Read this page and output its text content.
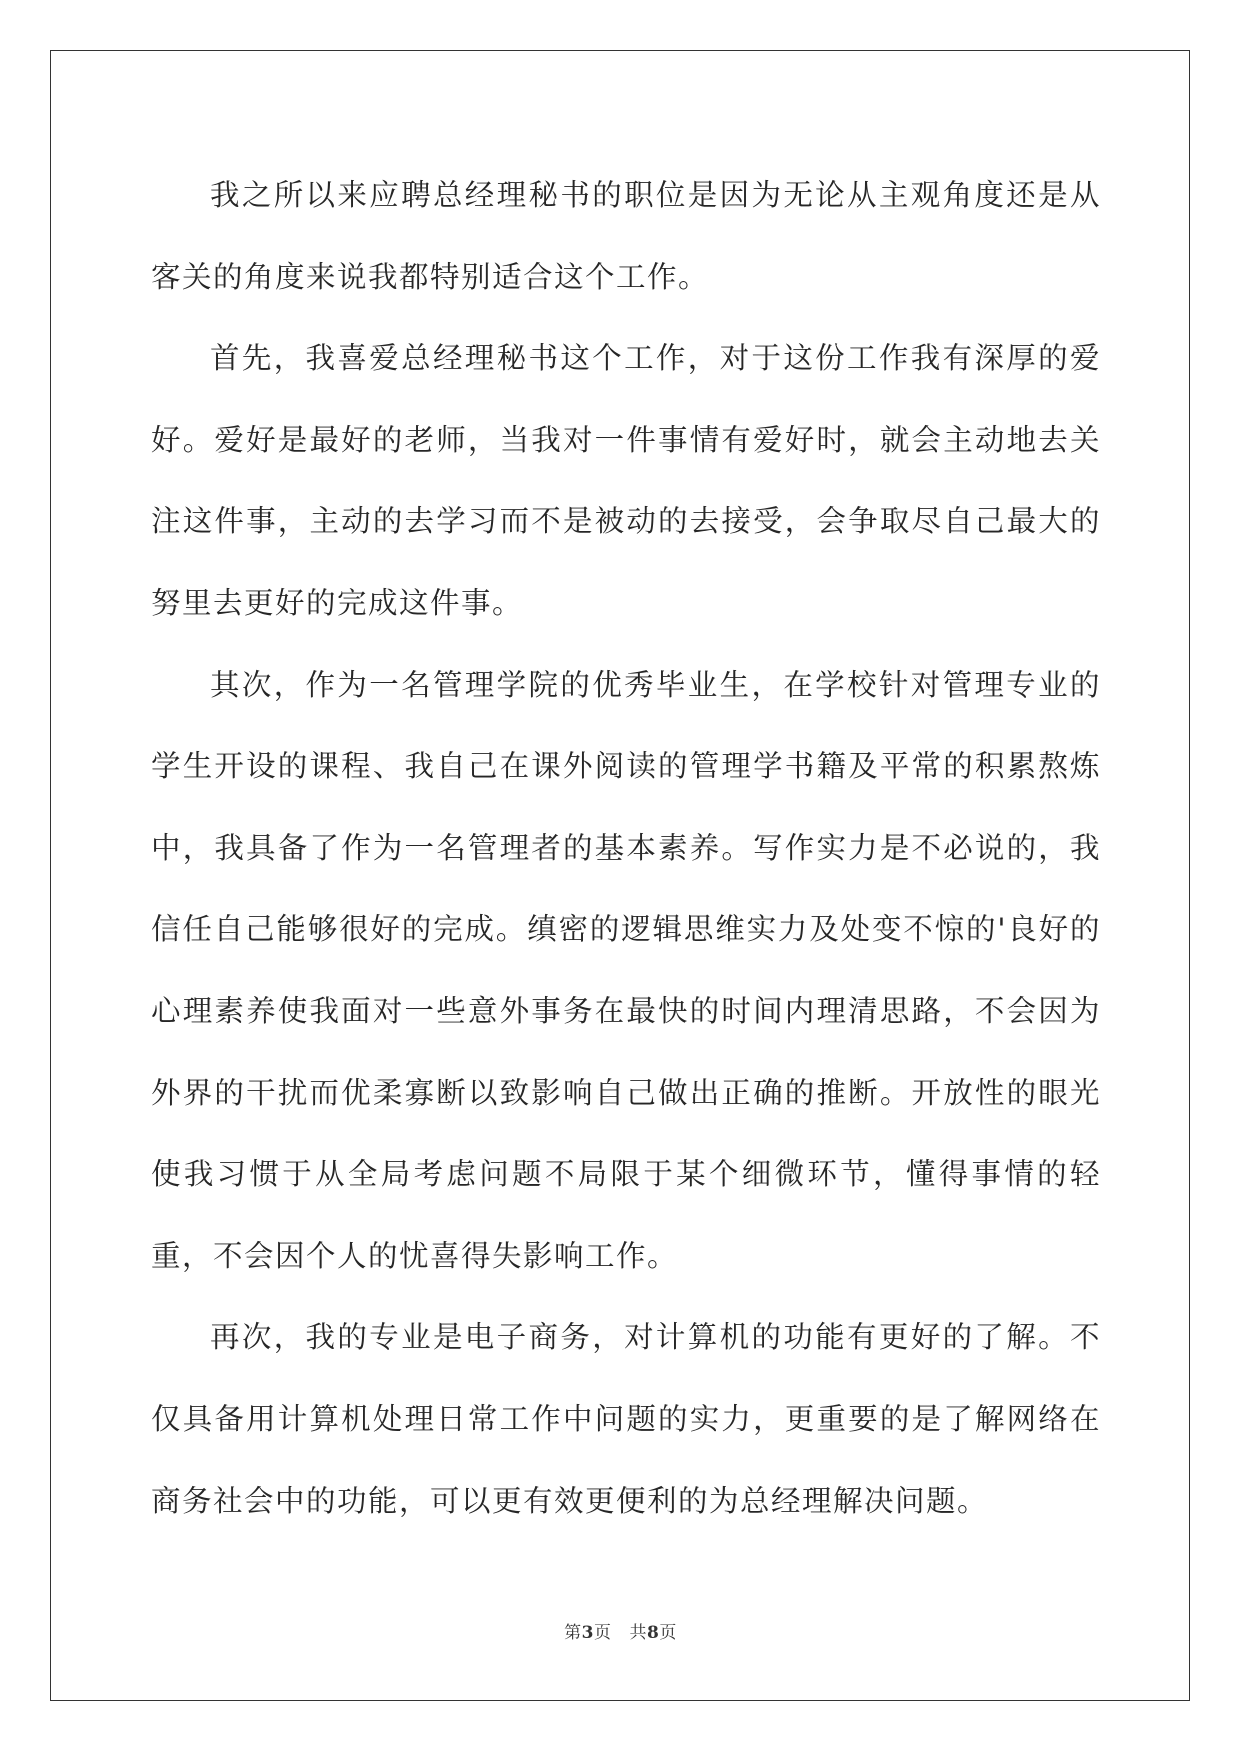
我之所以来应聘总经理秘书的职位是因为无论从主观角度还是从客关的角度来说我都特别适合这个工作。

首先，我喜爱总经理秘书这个工作，对于这份工作我有深厚的爱好。爱好是最好的老师，当我对一件事情有爱好时，就会主动地去关注这件事，主动的去学习而不是被动的去接受，会争取尽自己最大的努里去更好的完成这件事。

其次，作为一名管理学院的优秀毕业生，在学校针对管理专业的学生开设的课程、我自己在课外阅读的管理学书籍及平常的积累熬炼中，我具备了作为一名管理者的基本素养。写作实力是不必说的，我信任自己能够很好的完成。缜密的逻辑思维实力及处变不惊的'良好的心理素养使我面对一些意外事务在最快的时间内理清思路，不会因为外界的干扰而优柔寡断以致影响自己做出正确的推断。开放性的眼光使我习惯于从全局考虑问题不局限于某个细微环节，懂得事情的轻重，不会因个人的忧喜得失影响工作。

再次，我的专业是电子商务，对计算机的功能有更好的了解。不仅具备用计算机处理日常工作中问题的实力，更重要的是了解网络在商务社会中的功能，可以更有效更便利的为总经理解决问题。

第3页 共8页
